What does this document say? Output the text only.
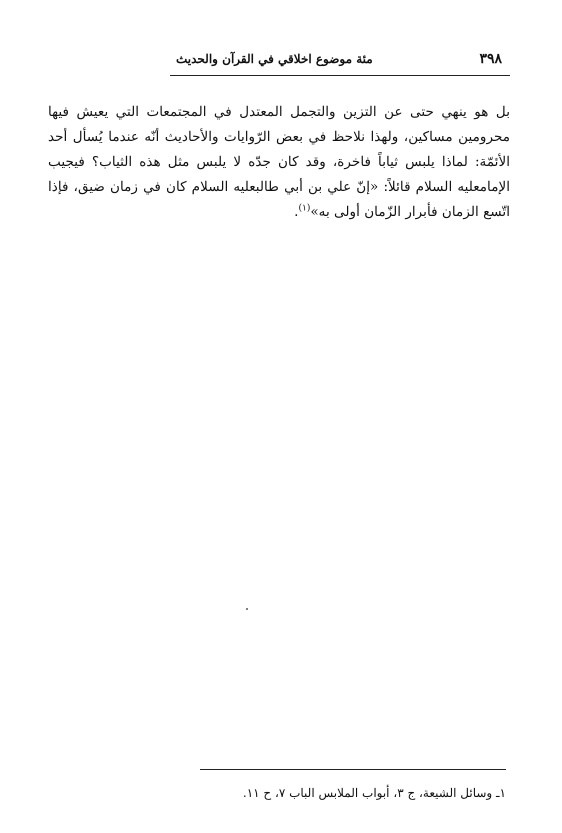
۳۹۸
مئة موضوع اخلاقي في القرآن والحديث

بل هو ينهي حتى عن التزين والتجمل المعتدل في المجتمعات التي يعيش فيها محرومين مساكين، ولهذا نلاحظ في بعض الرّوايات والأحاديث أنّه عندما يُسأل أحد الأئمّة: لماذا يلبس ثياباً فاخرة، وقد كان جدّه لا يلبس مثل هذه الثياب؟ فيجيب الإمامعليه السلام قائلاً: «إنّ علي بن أبي طالبعليه السلام كان في زمان ضيق، فإذا اتّسع الزمان فأبرار الزّمان أولى به»$^{(۱)}$.

۱ـ وسائل الشيعة، ج ۳، أبواب الملابس الباب ۷، ح ۱۱.
